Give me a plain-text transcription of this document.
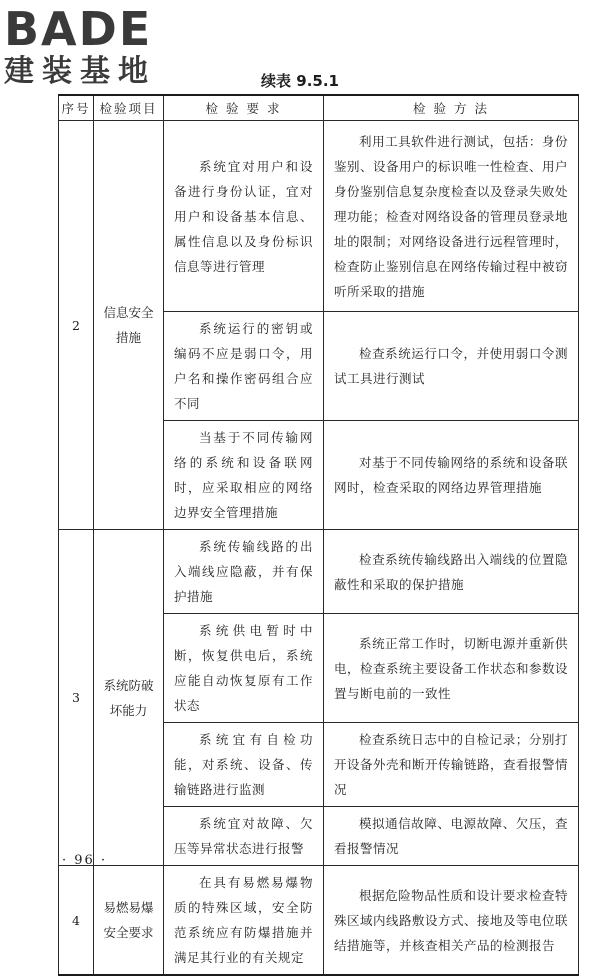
BADE
建装基地	续表 9.5.1
序号	检验项目	检 验 要 求	检 验 方 法
2	信息安全措施	系统宜对用户和设备进行身份认证，宜对用户和设备基本信息、属性信息以及身份标识信息等进行管理	利用工具软件进行测试，包括：身份鉴别、设备用户的标识唯一性检查、用户身份鉴别信息复杂度检查以及登录失败处理功能；检查对网络设备的管理员登录地址的限制；对网络设备进行远程管理时，检查防止鉴别信息在网络传输过程中被窃听所采取的措施
		系统运行的密钥或编码不应是弱口令，用户名和操作密码组合应不同	检查系统运行口令，并使用弱口令测试工具进行测试
		当基于不同传输网络的系统和设备联网时，应采取相应的网络边界安全管理措施	对基于不同传输网络的系统和设备联网时，检查采取的网络边界管理措施
3	系统防破坏能力	系统传输线路的出入端线应隐蔽，并有保护措施	检查系统传输线路出入端线的位置隐蔽性和采取的保护措施
		系统供电暂时中断，恢复供电后，系统应能自动恢复原有工作状态	系统正常工作时，切断电源并重新供电，检查系统主要设备工作状态和参数设置与断电前的一致性
		系统宜有自检功能，对系统、设备、传输链路进行监测	检查系统日志中的自检记录；分别打开设备外壳和断开传输链路，查看报警情况
		系统宜对故障、欠压等异常状态进行报警	模拟通信故障、电源故障、欠压，查看报警情况
4	易燃易爆安全要求	在具有易燃易爆物质的特殊区域，安全防范系统应有防爆措施并满足其行业的有关规定	根据危险物品性质和设计要求检查特殊区域内线路敷设方式、接地及等电位联结措施等，并核查相关产品的检测报告
· 96 ·
